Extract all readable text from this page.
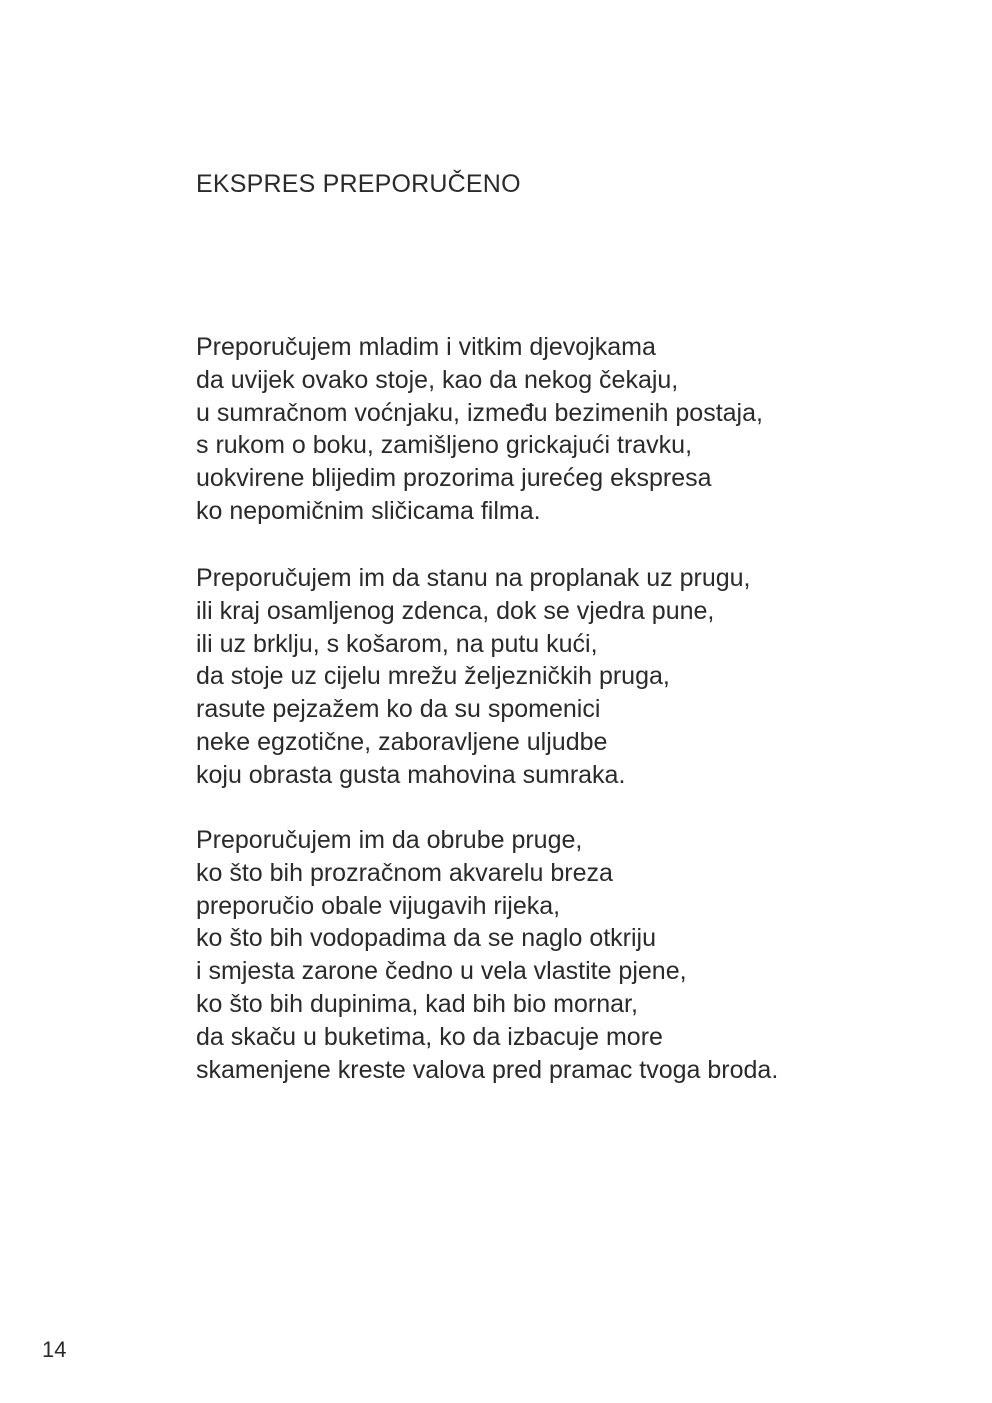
EKSPRES PREPORUČENO
Preporučujem mladim i vitkim djevojkama
da uvijek ovako stoje, kao da nekog čekaju,
u sumračnom voćnjaku, između bezimenih postaja,
s rukom o boku, zamišljeno grickajući travku,
uokvirene blijedim prozorima jurećeg ekspresa
ko nepomičnim sličicama filma.
Preporučujem im da stanu na proplanak uz prugu,
ili kraj osamljenog zdenca, dok se vjedra pune,
ili uz brklju, s košarom, na putu kući,
da stoje uz cijelu mrežu željezničkih pruga,
rasute pejzažem ko da su spomenici
neke egzotične, zaboravljene uljudbe
koju obrasta gusta mahovina sumraka.
Preporučujem im da obrube pruge,
ko što bih prozračnom akvarelu breza
preporučio obale vijugavih rijeka,
ko što bih vodopadima da se naglo otkriju
i smjesta zarone čedno u vela vlastite pjene,
ko što bih dupinima, kad bih bio mornar,
da skaču u buketima, ko da izbacuje more
skamenjene kreste valova pred pramac tvoga broda.
14
